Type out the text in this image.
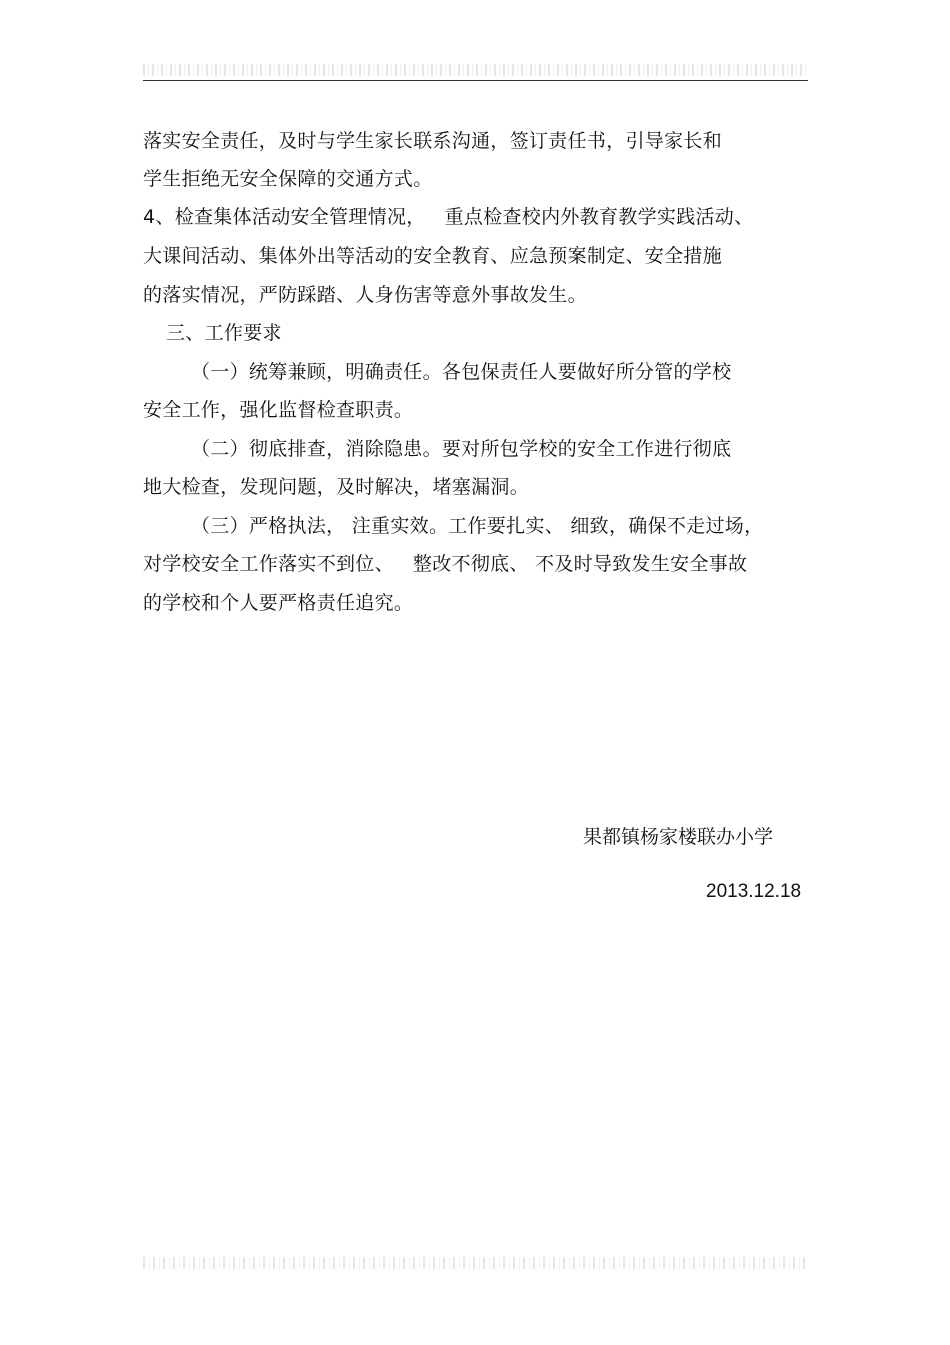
落实安全责任，及时与学生家长联系沟通，签订责任书，引导家长和
学生拒绝无安全保障的交通方式。
4、检查集体活动安全管理情况，   重点检查校内外教育教学实践活动、
大课间活动、集体外出等活动的安全教育、应急预案制定、安全措施
的落实情况，严防踩踏、人身伤害等意外事故发生。
三、工作要求
（一）统筹兼顾，明确责任。各包保责任人要做好所分管的学校
安全工作，强化监督检查职责。
（二）彻底排查，消除隐患。要对所包学校的安全工作进行彻底
地大检查，发现问题，及时解决，堵塞漏洞。
（三）严格执法， 注重实效。工作要扎实、 细致，确保不走过场，
对学校安全工作落实不到位、   整改不彻底、 不及时导致发生安全事故
的学校和个人要严格责任追究。
果都镇杨家楼联办小学
2013.12.18
